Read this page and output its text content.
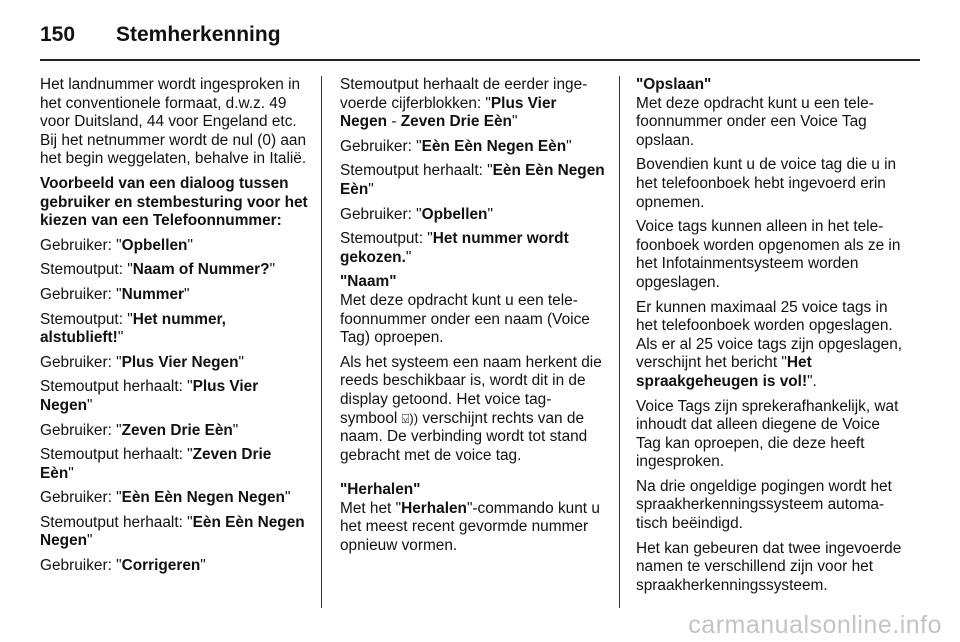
150	Stemherkenning

Het landnummer wordt ingesproken in het conventionele formaat, d.w.z. 49 voor Duitsland, 44 voor Engeland etc. Bij het netnummer wordt de nul (0) aan het begin weggelaten, behalve in Italië.

Voorbeeld van een dialoog tussen gebruiker en stembesturing voor het kiezen van een Telefoonnummer:

Gebruiker: "Opbellen"

Stemoutput: "Naam of Nummer?"

Gebruiker: "Nummer"

Stemoutput: "Het nummer, alstublieft!"

Gebruiker: "Plus Vier Negen"

Stemoutput herhaalt: "Plus Vier Negen"

Gebruiker: "Zeven Drie Eèn"

Stemoutput herhaalt: "Zeven Drie Eèn"

Gebruiker: "Eèn Eèn Negen Negen"

Stemoutput herhaalt: "Eèn Eèn Negen Negen"

Gebruiker: "Corrigeren"

Stemoutput herhaalt de eerder ingevoerde cijferblokken: "Plus Vier Negen - Zeven Drie Eèn"

Gebruiker: "Eèn Eèn Negen Eèn"

Stemoutput herhaalt: "Eèn Eèn Negen Eèn"

Gebruiker: "Opbellen"

Stemoutput: "Het nummer wordt gekozen."

"Naam"

Met deze opdracht kunt u een telefoonnummer onder een naam (Voice Tag) oproepen.

Als het systeem een naam herkent die reeds beschikbaar is, wordt dit in de display getoond. Het voice tag-symbool ⍌)) verschijnt rechts van de naam. De verbinding wordt tot stand gebracht met de voice tag.

"Herhalen"

Met het "Herhalen"-commando kunt u het meest recent gevormde nummer opnieuw vormen.

"Opslaan"

Met deze opdracht kunt u een telefoonnummer onder een Voice Tag opslaan.

Bovendien kunt u de voice tag die u in het telefoonboek hebt ingevoerd erin opnemen.

Voice tags kunnen alleen in het telefoonboek worden opgenomen als ze in het Infotainmentsysteem worden opgeslagen.

Er kunnen maximaal 25 voice tags in het telefoonboek worden opgeslagen. Als er al 25 voice tags zijn opgeslagen, verschijnt het bericht "Het spraakgeheugen is vol!".

Voice Tags zijn sprekerafhankelijk, wat inhoudt dat alleen diegene de Voice Tag kan oproepen, die deze heeft ingesproken.

Na drie ongeldige pogingen wordt het spraakherkenningssysteem automatisch beëindigd.

Het kan gebeuren dat twee ingevoerde namen te verschillend zijn voor het spraakherkenningssysteem.

carmanualsonline.info
